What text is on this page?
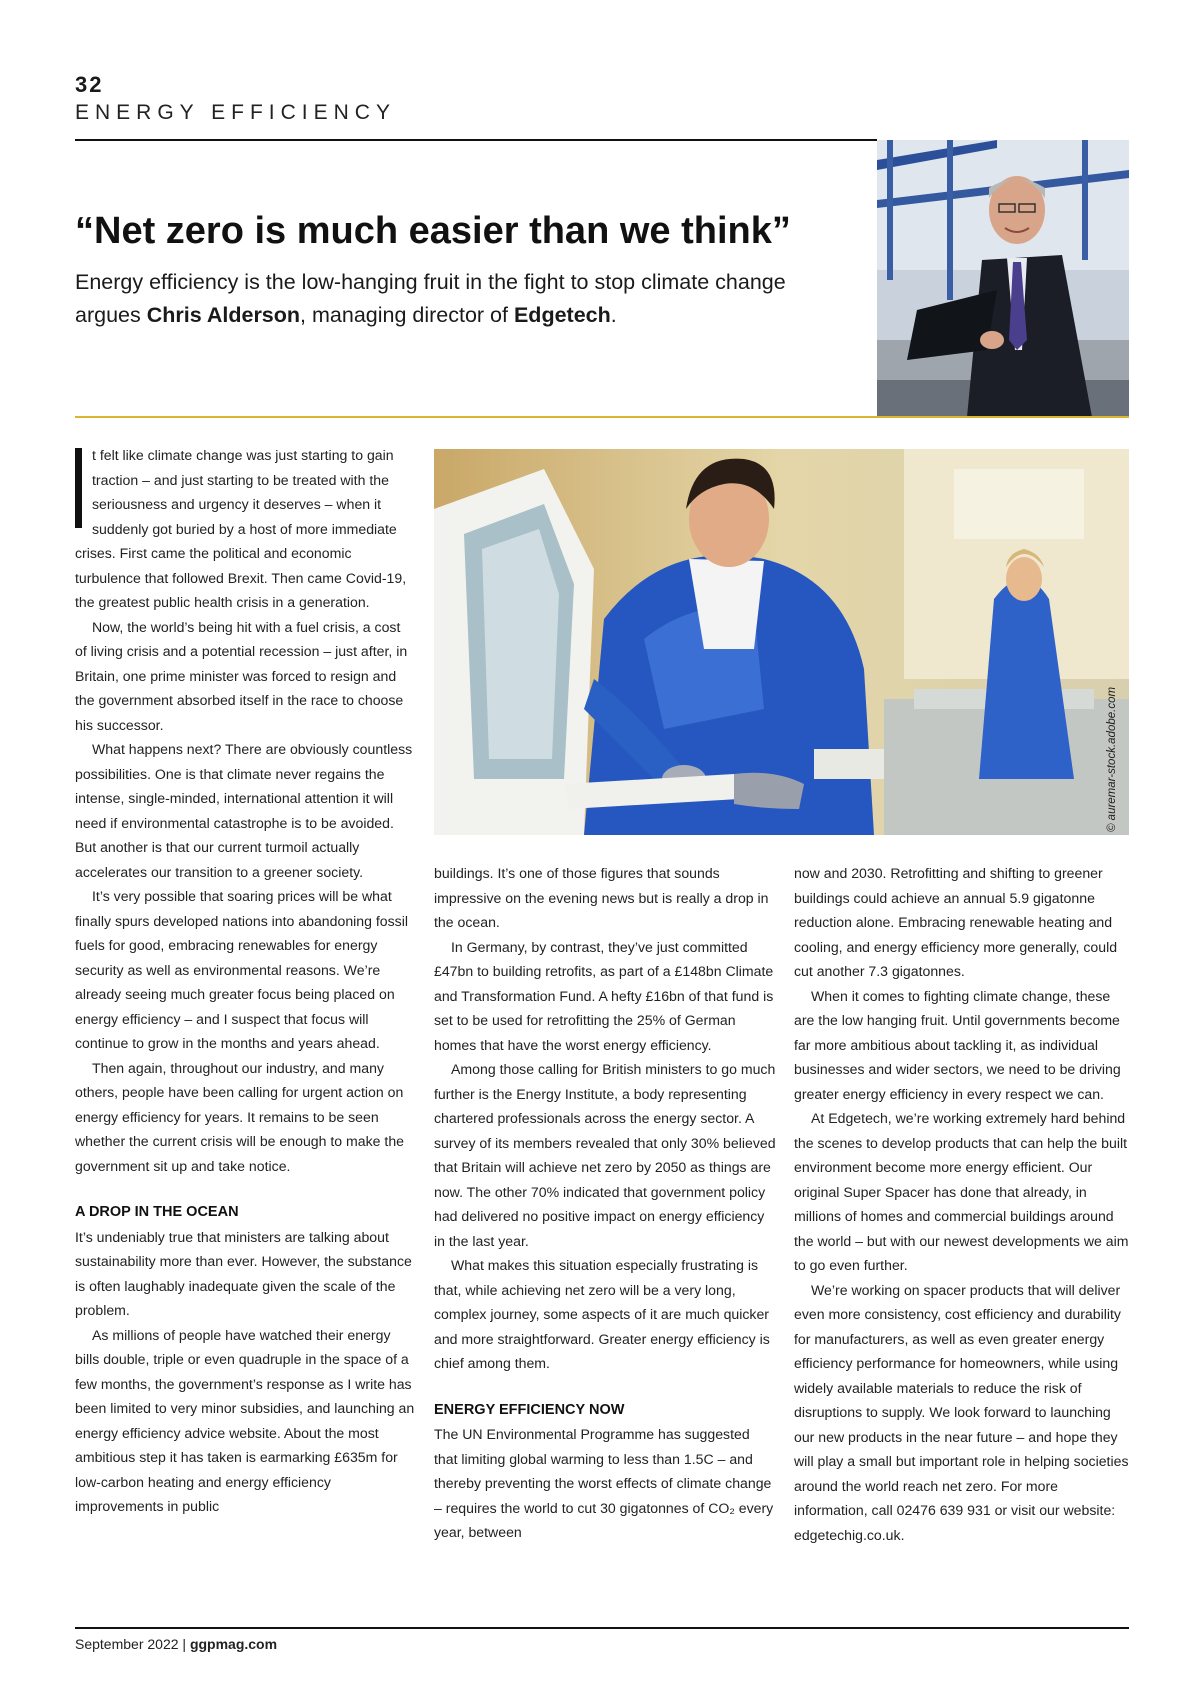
32
ENERGY EFFICIENCY
“Net zero is much easier than we think”

Energy efficiency is the low-hanging fruit in the fight to stop climate change argues Chris Alderson, managing director of Edgetech.

© auremar-stock.adobe.com

t felt like climate change was just starting to gain traction – and just starting to be treated with the seriousness and urgency it deserves – when it suddenly got buried by a host of more immediate crises. First came the political and economic turbulence that followed Brexit. Then came Covid-19, the greatest public health crisis in a generation.

Now, the world’s being hit with a fuel crisis, a cost of living crisis and a potential recession – just after, in Britain, one prime minister was forced to resign and the government absorbed itself in the race to choose his successor.

What happens next? There are obviously countless possibilities. One is that climate never regains the intense, single-minded, international attention it will need if environmental catastrophe is to be avoided. But another is that our current turmoil actually accelerates our transition to a greener society.

It’s very possible that soaring prices will be what finally spurs developed nations into abandoning fossil fuels for good, embracing renewables for energy security as well as environmental reasons. We’re already seeing much greater focus being placed on energy efficiency – and I suspect that focus will continue to grow in the months and years ahead.

Then again, throughout our industry, and many others, people have been calling for urgent action on energy efficiency for years. It remains to be seen whether the current crisis will be enough to make the government sit up and take notice.

A DROP IN THE OCEAN

It’s undeniably true that ministers are talking about sustainability more than ever. However, the substance is often laughably inadequate given the scale of the problem.

As millions of people have watched their energy bills double, triple or even quadruple in the space of a few months, the government’s response as I write has been limited to very minor subsidies, and launching an energy efficiency advice website. About the most ambitious step it has taken is earmarking £635m for low-carbon heating and energy efficiency improvements in public

buildings. It’s one of those figures that sounds impressive on the evening news but is really a drop in the ocean.

In Germany, by contrast, they’ve just committed £47bn to building retrofits, as part of a £148bn Climate and Transformation Fund. A hefty £16bn of that fund is set to be used for retrofitting the 25% of German homes that have the worst energy efficiency.

Among those calling for British ministers to go much further is the Energy Institute, a body representing chartered professionals across the energy sector. A survey of its members revealed that only 30% believed that Britain will achieve net zero by 2050 as things are now. The other 70% indicated that government policy had delivered no positive impact on energy efficiency in the last year.

What makes this situation especially frustrating is that, while achieving net zero will be a very long, complex journey, some aspects of it are much quicker and more straightforward. Greater energy efficiency is chief among them.

ENERGY EFFICIENCY NOW

The UN Environmental Programme has suggested that limiting global warming to less than 1.5C – and thereby preventing the worst effects of climate change – requires the world to cut 30 gigatonnes of CO₂ every year, between

now and 2030. Retrofitting and shifting to greener buildings could achieve an annual 5.9 gigatonne reduction alone. Embracing renewable heating and cooling, and energy efficiency more generally, could cut another 7.3 gigatonnes.

When it comes to fighting climate change, these are the low hanging fruit. Until governments become far more ambitious about tackling it, as individual businesses and wider sectors, we need to be driving greater energy efficiency in every respect we can.

At Edgetech, we’re working extremely hard behind the scenes to develop products that can help the built environment become more energy efficient. Our original Super Spacer has done that already, in millions of homes and commercial buildings around the world – but with our newest developments we aim to go even further.

We’re working on spacer products that will deliver even more consistency, cost efficiency and durability for manufacturers, as well as even greater energy efficiency performance for homeowners, while using widely available materials to reduce the risk of disruptions to supply. We look forward to launching our new products in the near future – and hope they will play a small but important role in helping societies around the world reach net zero. For more information, call 02476 639 931 or visit our website: edgetechig.co.uk.

September 2022 | ggpmag.com
